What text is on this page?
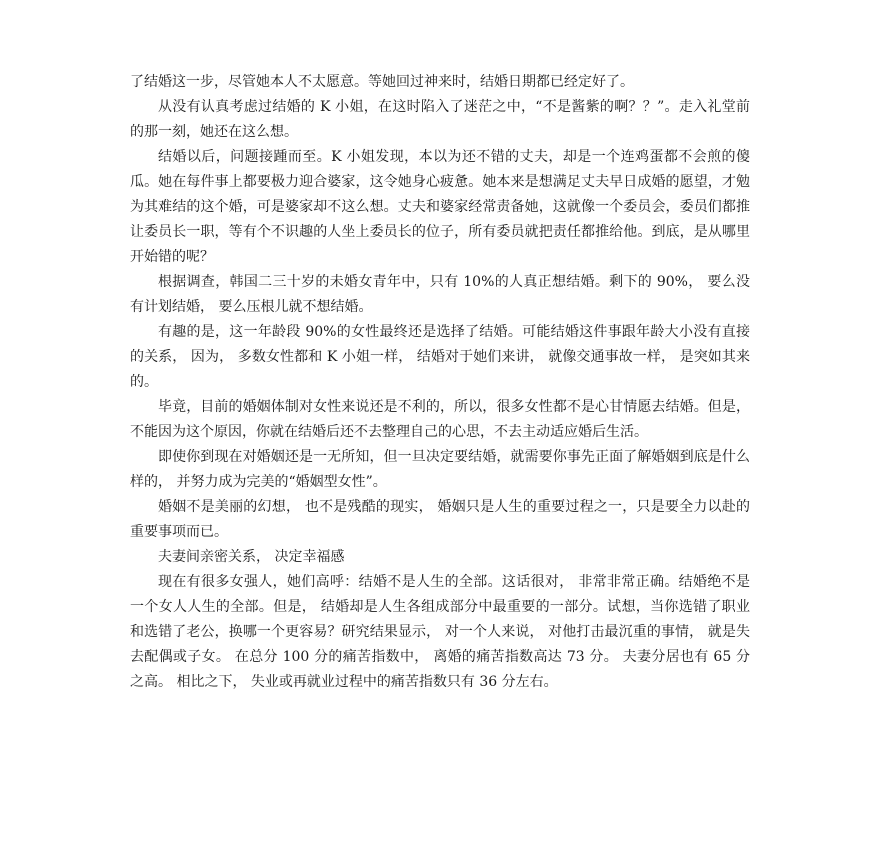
了结婚这一步，尽管她本人不太愿意。等她回过神来时，结婚日期都已经定好了。

从没有认真考虑过结婚的 K 小姐，在这时陷入了迷茫之中，“不是酱紫的啊？？”。走入礼堂前的那一刻，她还在这么想。

结婚以后，问题接踵而至。K 小姐发现，本以为还不错的丈夫，却是一个连鸡蛋都不会煎的傻瓜。她在每件事上都要极力迎合婆家，这令她身心疲惫。她本来是想满足丈夫早日成婚的愿望，才勉为其难结的这个婚，可是婆家却不这么想。丈夫和婆家经常责备她，这就像一个委员会，委员们都推让委员长一职，等有个不识趣的人坐上委员长的位子，所有委员就把责任都推给他。到底，是从哪里开始错的呢？

根据调查，韩国二三十岁的未婚女青年中，只有 10%的人真正想结婚。剩下的 90%， 要么没有计划结婚， 要么压根儿就不想结婚。

有趣的是，这一年龄段 90%的女性最终还是选择了结婚。可能结婚这件事跟年龄大小没有直接的关系， 因为， 多数女性都和 K 小姐一样， 结婚对于她们来讲， 就像交通事故一样， 是突如其来的。

毕竟，目前的婚姻体制对女性来说还是不利的，所以，很多女性都不是心甘情愿去结婚。但是，不能因为这个原因，你就在结婚后还不去整理自己的心思，不去主动适应婚后生活。

即使你到现在对婚姻还是一无所知，但一旦决定要结婚，就需要你事先正面了解婚姻到底是什么样的， 并努力成为完美的“婚姻型女性”。

婚姻不是美丽的幻想， 也不是残酷的现实， 婚姻只是人生的重要过程之一，只是要全力以赴的重要事项而已。

夫妻间亲密关系， 决定幸福感

现在有很多女强人，她们高呼：结婚不是人生的全部。这话很对， 非常非常正确。结婚绝不是一个女人人生的全部。但是， 结婚却是人生各组成部分中最重要的一部分。试想，当你选错了职业和选错了老公，换哪一个更容易？研究结果显示， 对一个人来说， 对他打击最沉重的事情， 就是失去配偶或子女。 在总分 100 分的痛苦指数中， 离婚的痛苦指数高达 73 分。 夫妻分居也有 65 分之高。 相比之下， 失业或再就业过程中的痛苦指数只有 36 分左右。
